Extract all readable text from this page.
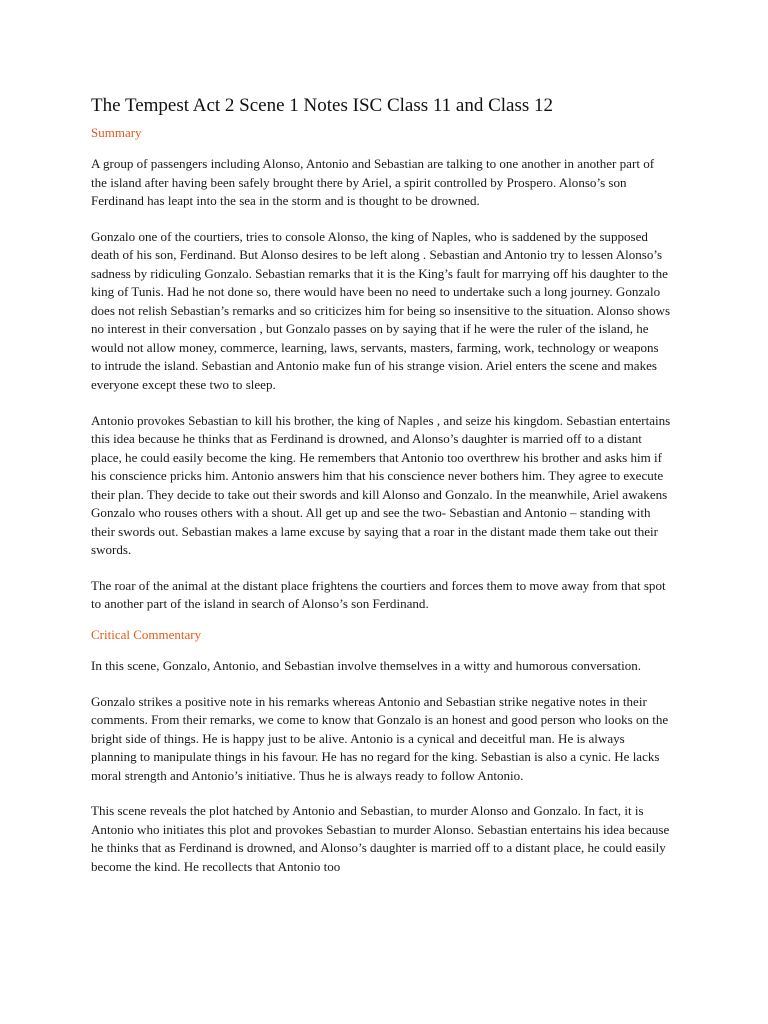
The Tempest Act 2 Scene 1 Notes ISC Class 11 and Class 12
Summary

A group of passengers including Alonso, Antonio and Sebastian are talking to one another in another part of the island after having been safely brought there by Ariel, a spirit controlled by Prospero. Alonso’s son Ferdinand has leapt into the sea in the storm and is thought to be drowned.

Gonzalo one of the courtiers, tries to console Alonso, the king of Naples, who is saddened by the supposed death of his son, Ferdinand. But Alonso desires to be left along . Sebastian and Antonio try to lessen Alonso’s sadness by ridiculing Gonzalo. Sebastian remarks that it is the King’s fault for marrying off his daughter to the king of Tunis. Had he not done so, there would have been no need to undertake such a long journey. Gonzalo does not relish Sebastian’s remarks and so criticizes him for being so insensitive to the situation. Alonso shows no interest in their conversation , but Gonzalo passes on by saying that if he were the ruler of the island, he would not allow money, commerce, learning, laws, servants, masters, farming, work, technology or weapons to intrude the island. Sebastian and Antonio make fun of his strange vision. Ariel enters the scene and makes everyone except these two to sleep.

Antonio provokes Sebastian to kill his brother, the king of Naples , and seize his kingdom. Sebastian entertains this idea because he thinks that as Ferdinand is drowned, and Alonso’s daughter is married off to a distant place, he could easily become the king. He remembers that Antonio too overthrew his brother and asks him if his conscience pricks him. Antonio answers him that his conscience never bothers him. They agree to execute their plan. They decide to take out their swords and kill Alonso and Gonzalo. In the meanwhile, Ariel awakens Gonzalo who rouses others with a shout. All get up and see the two- Sebastian and Antonio – standing with their swords out. Sebastian makes a lame excuse by saying that a roar in the distant made them take out their swords.

The roar of the animal at the distant place frightens the courtiers and forces them to move away from that spot to another part of the island in search of Alonso’s son Ferdinand.

Critical Commentary

In this scene, Gonzalo, Antonio, and Sebastian involve themselves in a witty and humorous conversation.

Gonzalo strikes a positive note in his remarks whereas Antonio and Sebastian strike negative notes in their comments. From their remarks, we come to know that Gonzalo is an honest and good person who looks on the bright side of things. He is happy just to be alive. Antonio is a cynical and deceitful man. He is always planning to manipulate things in his favour. He has no regard for the king. Sebastian is also a cynic. He lacks moral strength and Antonio’s initiative. Thus he is always ready to follow Antonio.

This scene reveals the plot hatched by Antonio and Sebastian, to murder Alonso and Gonzalo. In fact, it is Antonio who initiates this plot and provokes Sebastian to murder Alonso. Sebastian entertains his idea because he thinks that as Ferdinand is drowned, and Alonso’s daughter is married off to a distant place, he could easily become the kind. He recollects that Antonio too
